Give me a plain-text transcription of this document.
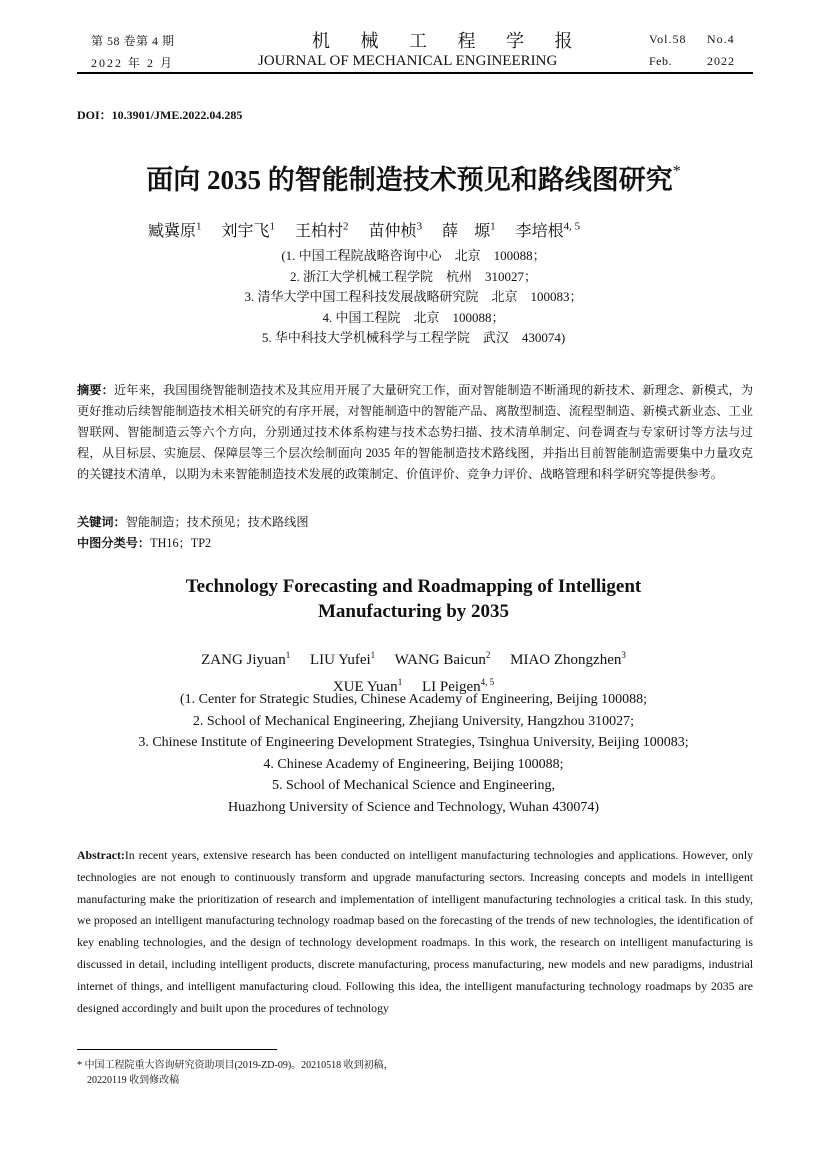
第 58 卷第 4 期
2022 年 2 月
机 械 工 程 学 报
JOURNAL OF MECHANICAL ENGINEERING
Vol.58 No.4
Feb.	2022
DOI：10.3901/JME.2022.04.285
面向 2035 的智能制造技术预见和路线图研究*
臧冀原$^1$ 刘宇飞$^1$ 王柏村$^2$ 苗仲桢$^3$ 薛　塬$^1$ 李培根$^{4, 5}$
(1. 中国工程院战略咨询中心　北京　100088；
2. 浙江大学机械工程学院　杭州　310027；
3. 清华大学中国工程科技发展战略研究院　北京　100083；
4. 中国工程院　北京　100088；
5. 华中科技大学机械科学与工程学院　武汉　430074)
摘要：近年来，我国围绕智能制造技术及其应用开展了大量研究工作，面对智能制造不断涌现的新技术、新理念、新模式，为更好推动后续智能制造技术相关研究的有序开展，对智能制造中的智能产品、离散型制造、流程型制造、新模式新业态、工业智联网、智能制造云等六个方向，分别通过技术体系构建与技术态势扫描、技术清单制定、问卷调查与专家研讨等方法与过程，从目标层、实施层、保障层等三个层次绘制面向 2035 年的智能制造技术路线图，并指出目前智能制造需要集中力量攻克的关键技术清单，以期为未来智能制造技术发展的政策制定、价值评价、竞争力评价、战略管理和科学研究等提供参考。
关键词：智能制造；技术预见；技术路线图
中图分类号：TH16；TP2
Technology Forecasting and Roadmapping of Intelligent
Manufacturing by 2035
ZANG Jiyuan$^1$ LIU Yufei$^1$ WANG Baicun$^2$ MIAO Zhongzhen$^3$
XUE Yuan$^1$ LI Peigen$^{4, 5}$
(1. Center for Strategic Studies, Chinese Academy of Engineering, Beijing 100088;
2. School of Mechanical Engineering, Zhejiang University, Hangzhou 310027;
3. Chinese Institute of Engineering Development Strategies, Tsinghua University, Beijing 100083;
4. Chinese Academy of Engineering, Beijing 100088;
5. School of Mechanical Science and Engineering,
Huazhong University of Science and Technology, Wuhan 430074)
Abstract:In recent years, extensive research has been conducted on intelligent manufacturing technologies and applications. However, only technologies are not enough to continuously transform and upgrade manufacturing sectors. Increasing concepts and models in intelligent manufacturing make the prioritization of research and implementation of intelligent manufacturing technologies a critical task. In this study, we proposed an intelligent manufacturing technology roadmap based on the forecasting of the trends of new technologies, the identification of key enabling technologies, and the design of technology development roadmaps. In this work, the research on intelligent manufacturing is discussed in detail, including intelligent products, discrete manufacturing, process manufacturing, new models and new paradigms, industrial internet of things, and intelligent manufacturing cloud. Following this idea, the intelligent manufacturing technology roadmaps by 2035 are designed accordingly and built upon the procedures of technology
* 中国工程院重大咨询研究资助项目(2019-ZD-09)。20210518 收到初稿，
20220119 收到修改稿
